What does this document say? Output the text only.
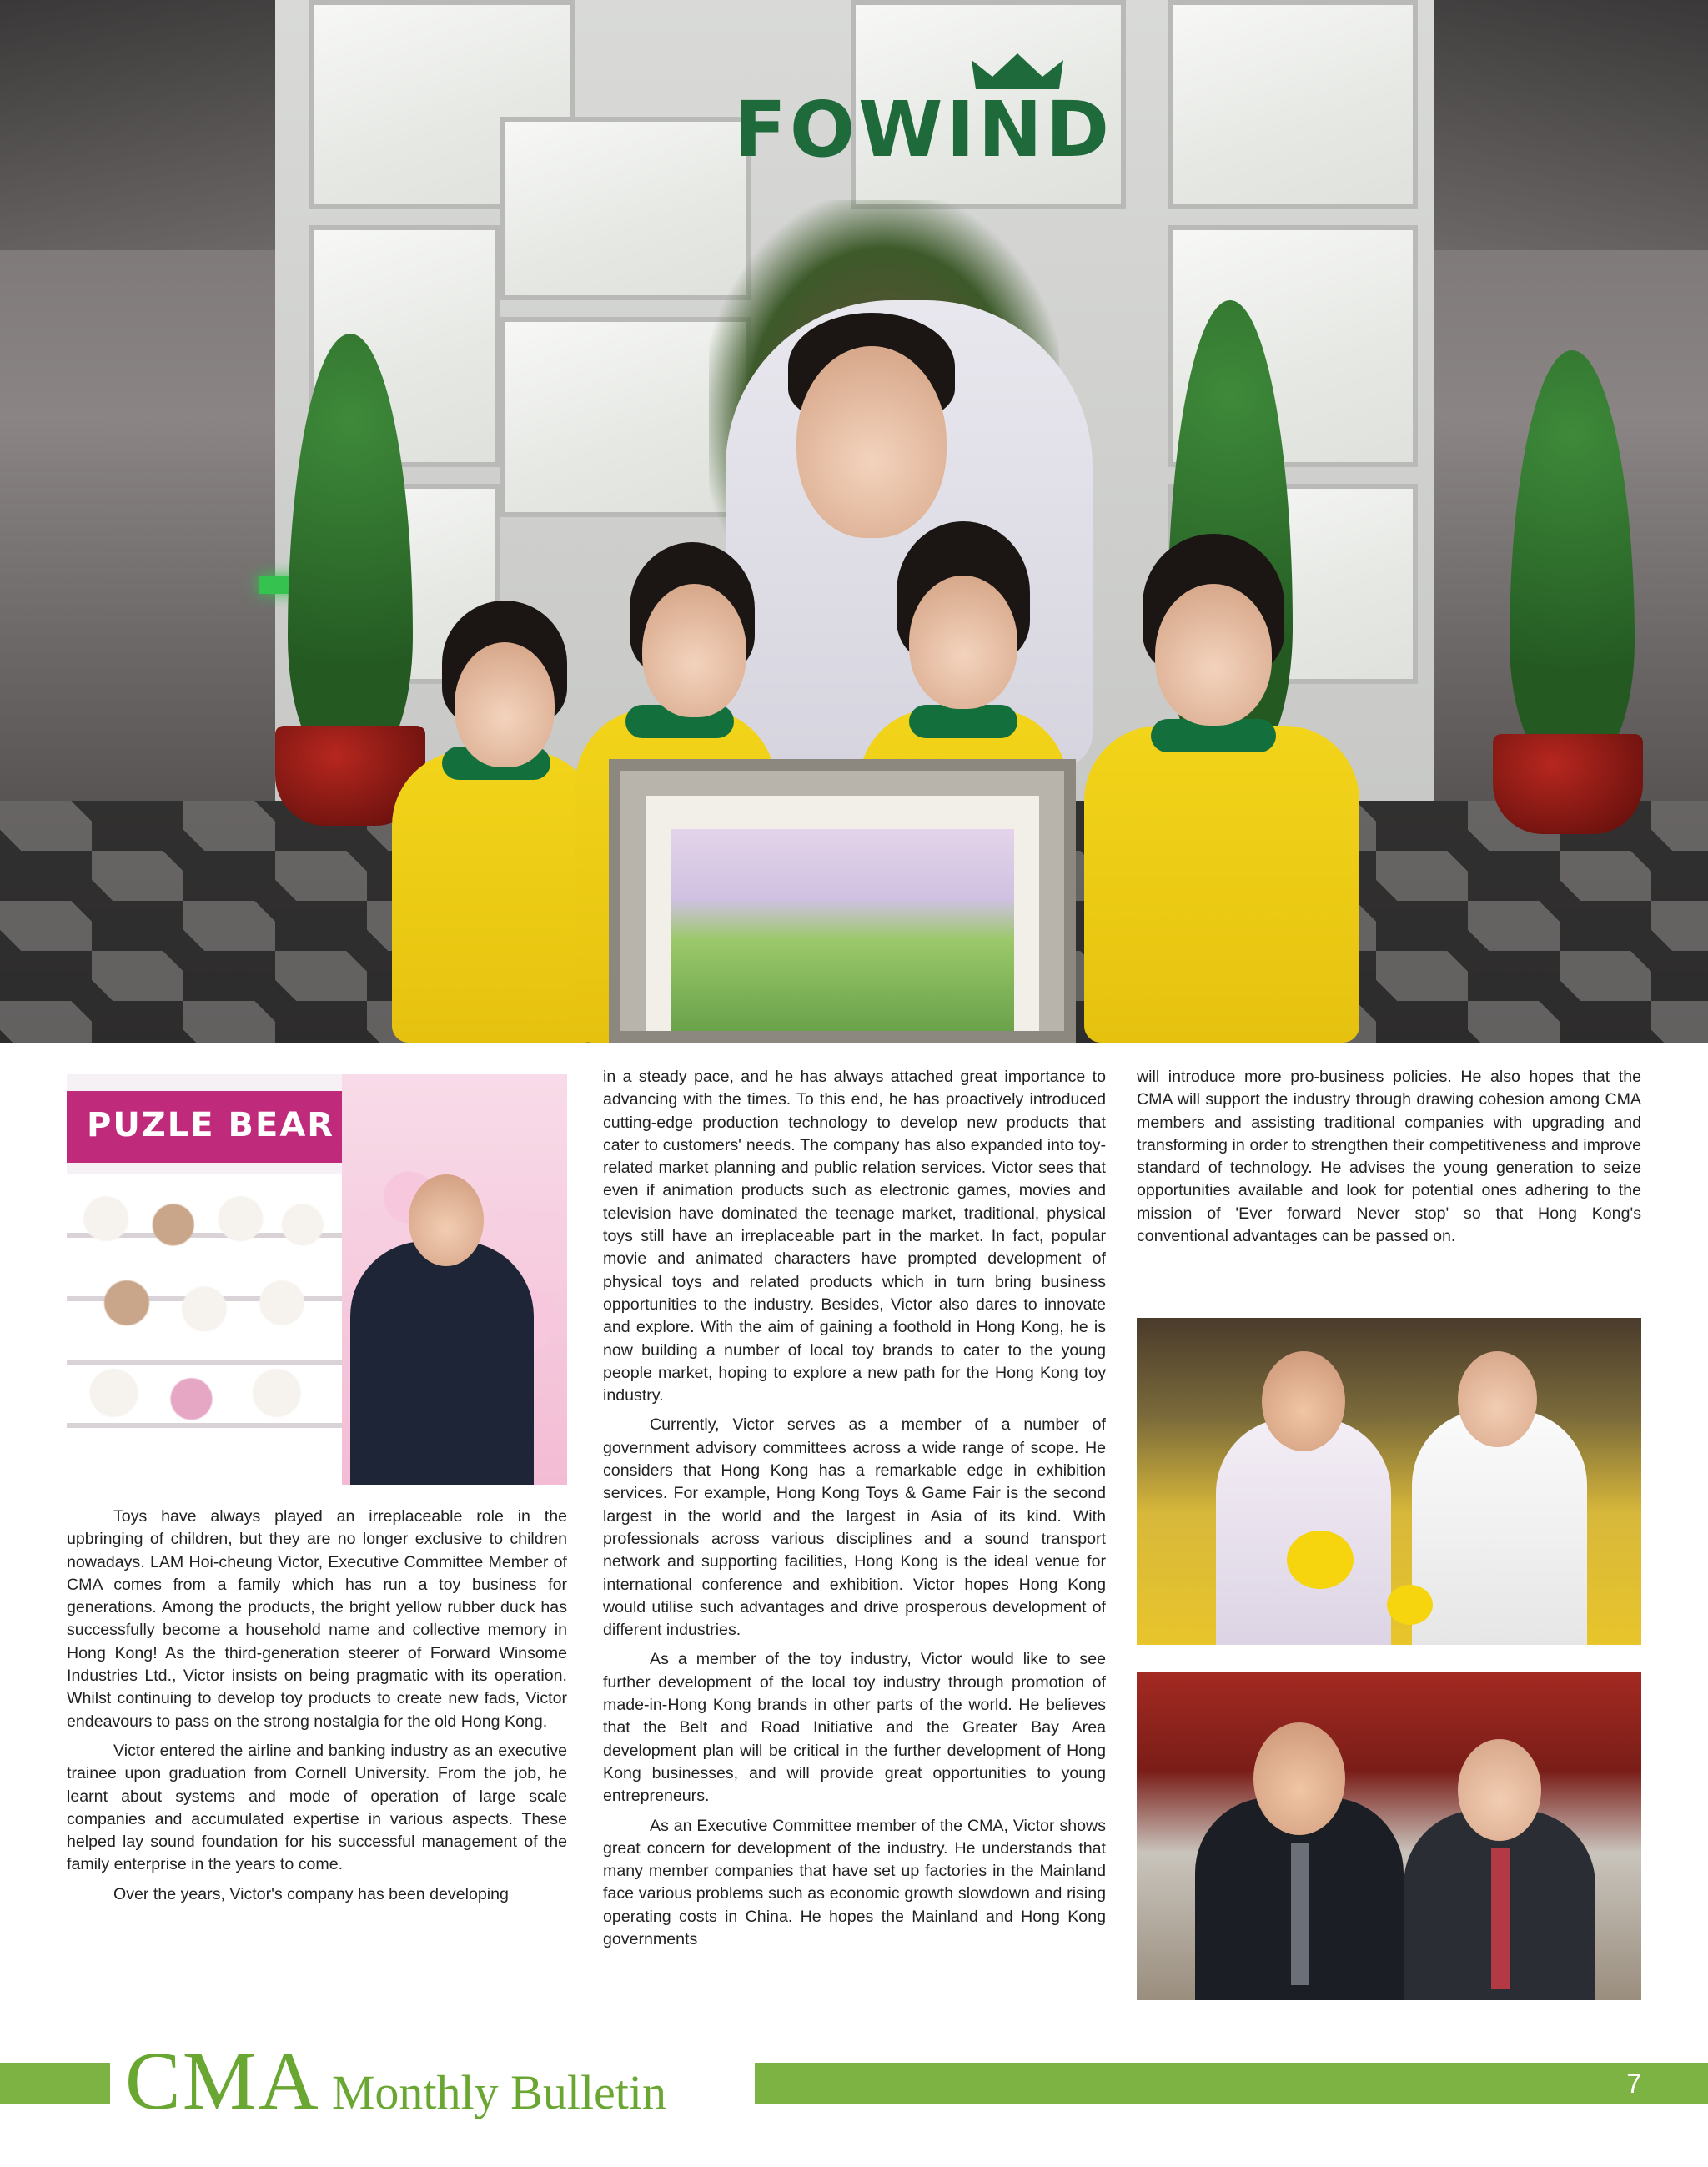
FOWIND
PUZLE BEAR

Toys have always played an irreplaceable role in the upbringing of children, but they are no longer exclusive to children nowadays. LAM Hoi-cheung Victor, Executive Committee Member of CMA comes from a family which has run a toy business for generations. Among the products, the bright yellow rubber duck has successfully become a household name and collective memory in Hong Kong! As the third-generation steerer of Forward Winsome Industries Ltd., Victor insists on being pragmatic with its operation. Whilst continuing to develop toy products to create new fads, Victor endeavours to pass on the strong nostalgia for the old Hong Kong.

Victor entered the airline and banking industry as an executive trainee upon graduation from Cornell University. From the job, he learnt about systems and mode of operation of large scale companies and accumulated expertise in various aspects. These helped lay sound foundation for his successful management of the family enterprise in the years to come.

Over the years, Victor's company has been developing

in a steady pace, and he has always attached great importance to advancing with the times. To this end, he has proactively introduced cutting-edge production technology to develop new products that cater to customers' needs. The company has also expanded into toy-related market planning and public relation services. Victor sees that even if animation products such as electronic games, movies and television have dominated the teenage market, traditional, physical toys still have an irreplaceable part in the market. In fact, popular movie and animated characters have prompted development of physical toys and related products which in turn bring business opportunities to the industry. Besides, Victor also dares to innovate and explore. With the aim of gaining a foothold in Hong Kong, he is now building a number of local toy brands to cater to the young people market, hoping to explore a new path for the Hong Kong toy industry.

Currently, Victor serves as a member of a number of government advisory committees across a wide range of scope. He considers that Hong Kong has a remarkable edge in exhibition services. For example, Hong Kong Toys & Game Fair is the second largest in the world and the largest in Asia of its kind. With professionals across various disciplines and a sound transport network and supporting facilities, Hong Kong is the ideal venue for international conference and exhibition. Victor hopes Hong Kong would utilise such advantages and drive prosperous development of different industries.

As a member of the toy industry, Victor would like to see further development of the local toy industry through promotion of made-in-Hong Kong brands in other parts of the world. He believes that the Belt and Road Initiative and the Greater Bay Area development plan will be critical in the further development of Hong Kong businesses, and will provide great opportunities to young entrepreneurs.

As an Executive Committee member of the CMA, Victor shows great concern for development of the industry. He understands that many member companies that have set up factories in the Mainland face various problems such as economic growth slowdown and rising operating costs in China. He hopes the Mainland and Hong Kong governments

will introduce more pro-business policies. He also hopes that the CMA will support the industry through drawing cohesion among CMA members and assisting traditional companies with upgrading and transforming in order to strengthen their competitiveness and improve standard of technology. He advises the young generation to seize opportunities available and look for potential ones adhering to the mission of 'Ever forward Never stop' so that Hong Kong's conventional advantages can be passed on.

CMA Monthly Bulletin	7
